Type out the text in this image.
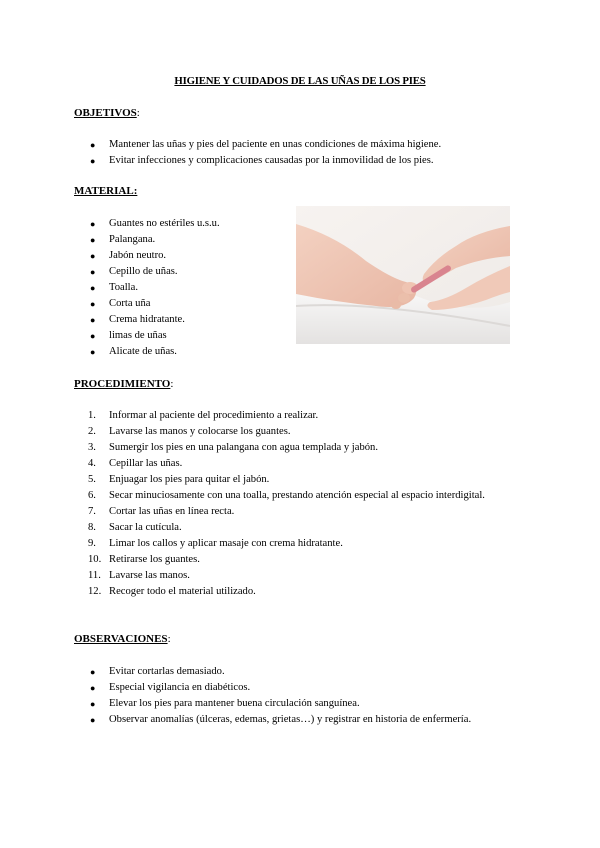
HIGIENE Y CUIDADOS DE LAS UÑAS DE LOS PIES
OBJETIVOS:
● Mantener las uñas y pies del paciente en unas condiciones de máxima higiene.
● Evitar infecciones y complicaciones causadas por la inmovilidad de los pies.
MATERIAL:
● Guantes no estériles u.s.u.
● Palangana.
● Jabón neutro.
● Cepillo de uñas.
● Toalla.
● Corta uña
● Crema hidratante.
● limas de uñas
● Alicate de uñas.
PROCEDIMIENTO:
1. Informar al paciente del procedimiento a realizar.
2. Lavarse las manos y colocarse los guantes.
3. Sumergir los pies en una palangana con agua templada y jabón.
4. Cepillar las uñas.
5. Enjuagar los pies para quitar el jabón.
6. Secar minuciosamente con una toalla, prestando atención especial al espacio interdigital.
7. Cortar las uñas en línea recta.
8. Sacar la cutícula.
9. Limar los callos y aplicar masaje con crema hidratante.
10. Retirarse los guantes.
11. Lavarse las manos.
12. Recoger todo el material utilizado.
OBSERVACIONES:
● Evitar cortarlas demasiado.
● Especial vigilancia en diabéticos.
● Elevar los pies para mantener buena circulación sanguínea.
● Observar anomalías (úlceras, edemas, grietas…) y registrar en historia de enfermería.
